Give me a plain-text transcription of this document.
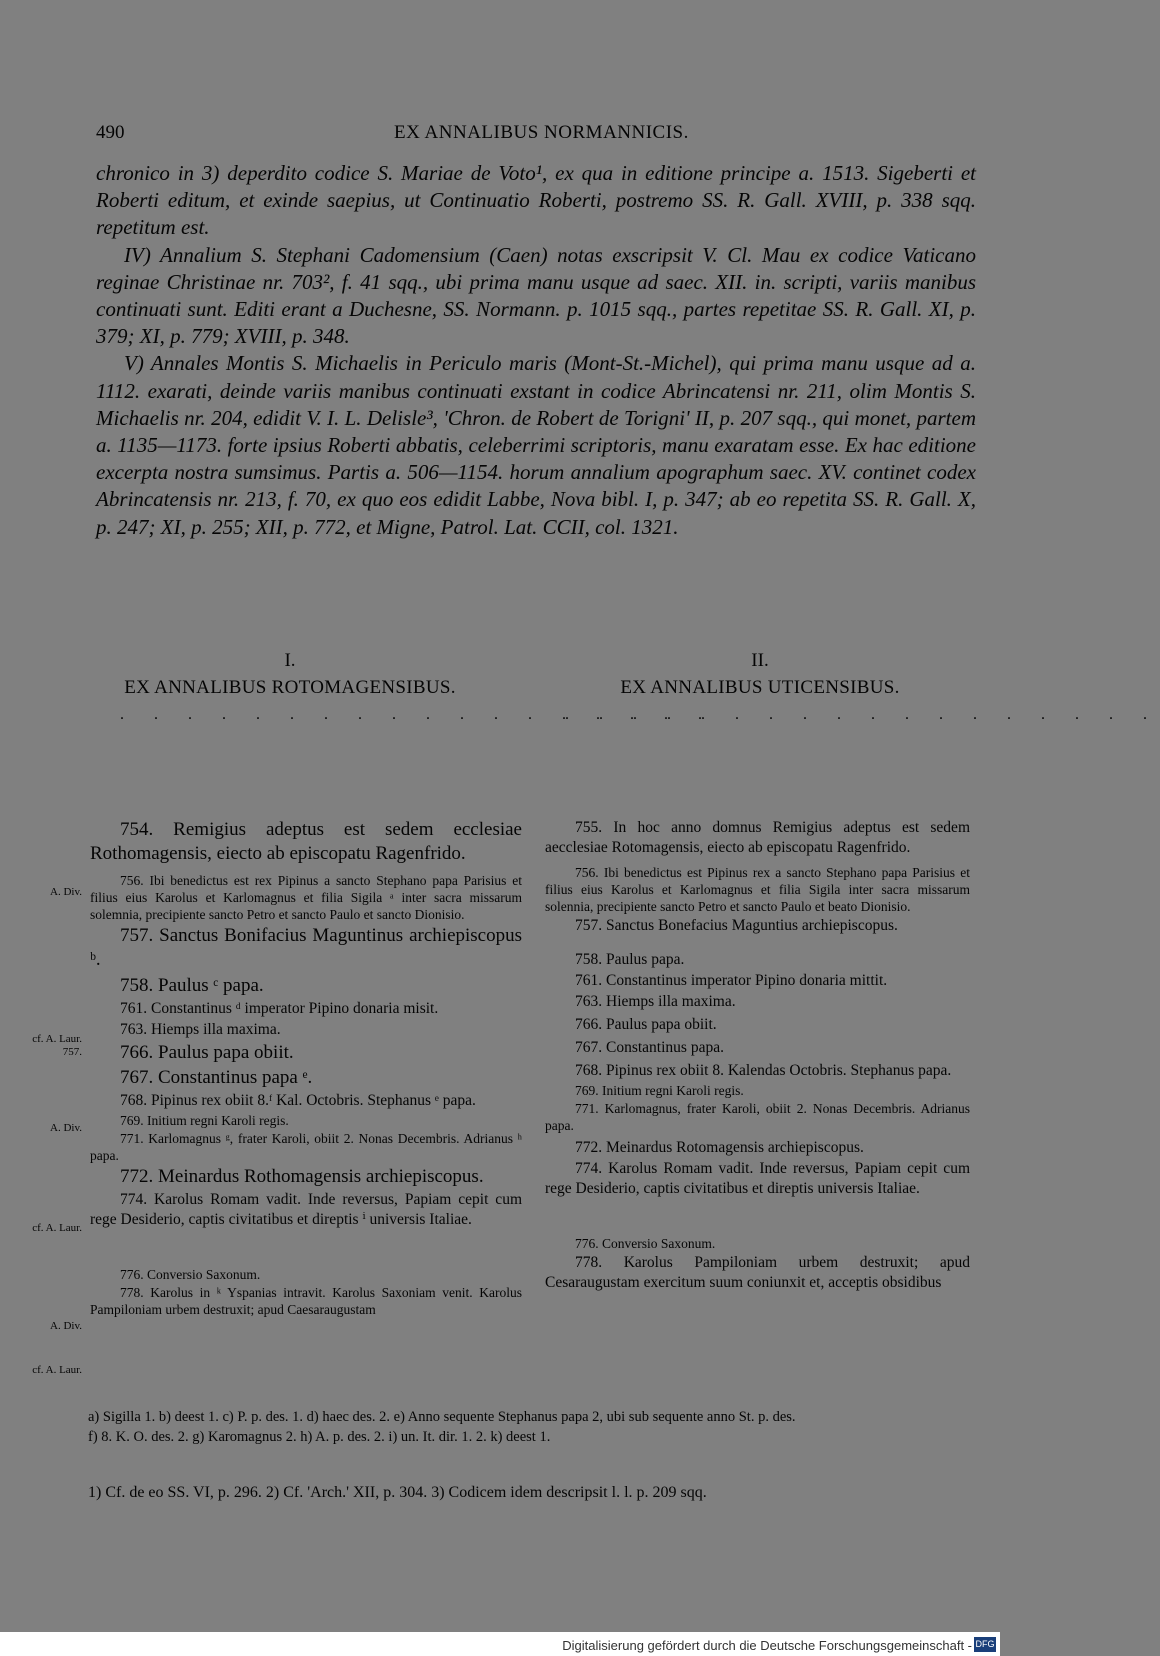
490	EX ANNALIBUS NORMANNICIS.

chronico in 3) deperdito codice S. Mariae de Voto¹, ex qua in editione principe a. 1513. Sigeberti et Roberti editum, et exinde saepius, ut Continuatio Roberti, postremo SS. R. Gall. XVIII, p. 338 sqq. repetitum est.

IV) Annalium S. Stephani Cadomensium (Caen) notas exscripsit V. Cl. Mau ex codice Vaticano reginae Christinae nr. 703², f. 41 sqq., ubi prima manu usque ad saec. XII. in. scripti, variis manibus continuati sunt. Editi erant a Duchesne, SS. Normann. p. 1015 sqq., partes repetitae SS. R. Gall. XI, p. 379; XI, p. 779; XVIII, p. 348.

V) Annales Montis S. Michaelis in Periculo maris (Mont-St.-Michel), qui prima manu usque ad a. 1112. exarati, deinde variis manibus continuati exstant in codice Abrincatensi nr. 211, olim Montis S. Michaelis nr. 204, edidit V. I. L. Delisle³, 'Chron. de Robert de Torigni' II, p. 207 sqq., qui monet, partem a. 1135—1173. forte ipsius Roberti abbatis, celeberrimi scriptoris, manu exaratam esse. Ex hac editione excerpta nostra sumsimus. Partis a. 506—1154. horum annalium apographum saec. XV. continet codex Abrincatensis nr. 213, f. 70, ex quo eos edidit Labbe, Nova bibl. I, p. 347; ab eo repetita SS. R. Gall. X, p. 247; XI, p. 255; XII, p. 772, et Migne, Patrol. Lat. CCII, col. 1321.

I.
EX ANNALIBUS ROTOMAGENSIBUS.
II.
EX ANNALIBUS UTICENSIBUS.
. . . . . . . . . . . . . . . . . .
. . . . . . . . . . . . . . . . . .
A. Div.
cf. A. Laur. 757.
A. Div.
cf. A. Laur.
A. Div.
cf. A. Laur.

754. Remigius adeptus est sedem ecclesiae Rothomagensis, eiecto ab episcopatu Ragenfrido.

756. Ibi benedictus est rex Pipinus a sancto Stephano papa Parisius et filius eius Karolus et Karlomagnus et filia Sigila ᵃ inter sacra missarum solemnia, precipiente sancto Petro et sancto Paulo et sancto Dionisio.

757. Sanctus Bonifacius Maguntinus archiepiscopus ᵇ.

758. Paulus ᶜ papa.

761. Constantinus ᵈ imperator Pipino donaria misit.

763. Hiemps illa maxima.

766. Paulus papa obiit.

767. Constantinus papa ᵉ.

768. Pipinus rex obiit 8.ᶠ Kal. Octobris. Stephanus ᵉ papa.

769. Initium regni Karoli regis.

771. Karlomagnus ᵍ, frater Karoli, obiit 2. Nonas Decembris. Adrianus ʰ papa.

772. Meinardus Rothomagensis archiepiscopus.

774. Karolus Romam vadit. Inde reversus, Papiam cepit cum rege Desiderio, captis civitatibus et direptis ⁱ universis Italiae.

776. Conversio Saxonum.

778. Karolus in ᵏ Yspanias intravit. Karolus Saxoniam venit. Karolus Pampiloniam urbem destruxit; apud Caesaraugustam

755. In hoc anno domnus Remigius adeptus est sedem aecclesiae Rotomagensis, eiecto ab episcopatu Ragenfrido.

756. Ibi benedictus est Pipinus rex a sancto Stephano papa Parisius et filius eius Karolus et Karlomagnus et filia Sigila inter sacra missarum solennia, precipiente sancto Petro et sancto Paulo et beato Dionisio.

757. Sanctus Bonefacius Maguntius archiepiscopus.

758. Paulus papa.

761. Constantinus imperator Pipino donaria mittit.

763. Hiemps illa maxima.

766. Paulus papa obiit.

767. Constantinus papa.

768. Pipinus rex obiit 8. Kalendas Octobris. Stephanus papa.

769. Initium regni Karoli regis.

771. Karlomagnus, frater Karoli, obiit 2. Nonas Decembris. Adrianus papa.

772. Meinardus Rotomagensis archiepiscopus.

774. Karolus Romam vadit. Inde reversus, Papiam cepit cum rege Desiderio, captis civitatibus et direptis universis Italiae.

776. Conversio Saxonum.

778. Karolus Pampiloniam urbem destruxit; apud Cesaraugustam exercitum suum coniunxit et, acceptis obsidibus

a) Sigilla 1. b) deest 1. c) P. p. des. 1. d) haec des. 2. e) Anno sequente Stephanus papa 2, ubi sub sequente anno St. p. des.
f) 8. K. O. des. 2. g) Karomagnus 2. h) A. p. des. 2. i) un. It. dir. 1. 2. k) deest 1.
1) Cf. de eo SS. VI, p. 296. 2) Cf. 'Arch.' XII, p. 304. 3) Codicem idem descripsit l. l. p. 209 sqq.
Digitalisierung gefördert durch die Deutsche Forschungsgemeinschaft - DFG
